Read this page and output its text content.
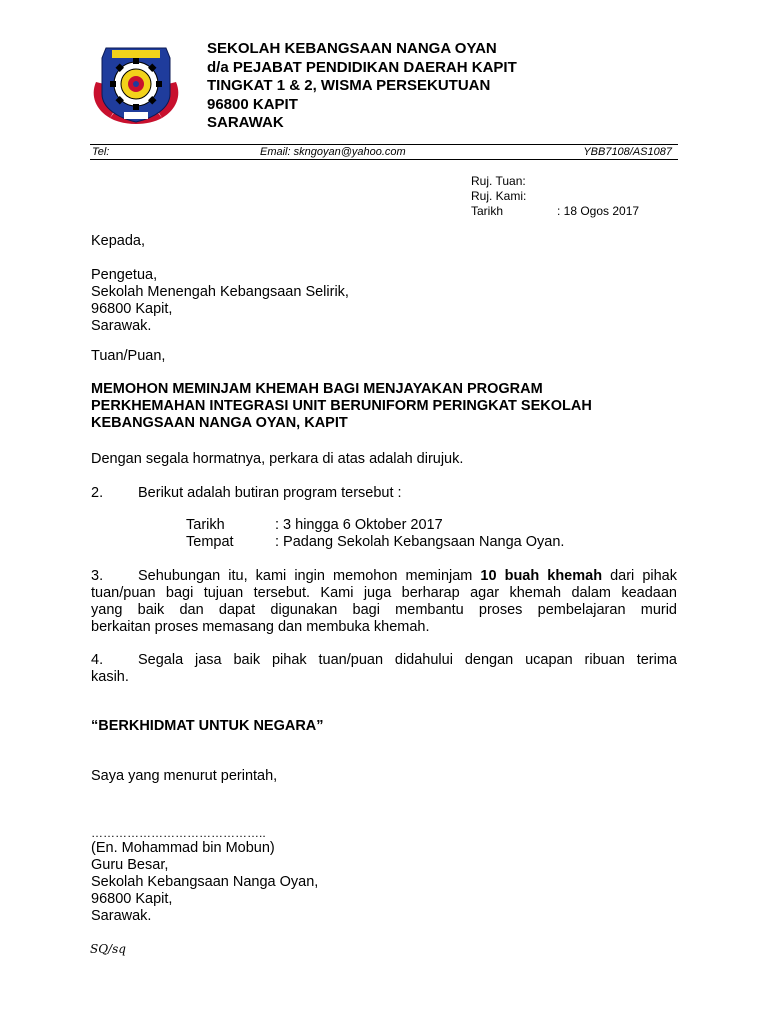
SEKOLAH KEBANGSAAN NANGA OYAN
d/a PEJABAT PENDIDIKAN DAERAH KAPIT
TINGKAT 1 & 2, WISMA PERSEKUTUAN
96800 KAPIT
SARAWAK
Tel:	Email: skngoyan@yahoo.com	YBB7108/AS1087
Ruj. Tuan:
Ruj. Kami:
Tarikh	: 18 Ogos 2017
Kepada,
Pengetua,
Sekolah Menengah Kebangsaan Selirik,
96800 Kapit,
Sarawak.
Tuan/Puan,
MEMOHON MEMINJAM KHEMAH BAGI MENJAYAKAN PROGRAM
PERKHEMAHAN INTEGRASI UNIT BERUNIFORM PERINGKAT SEKOLAH
KEBANGSAAN NANGA OYAN, KAPIT
Dengan segala hormatnya, perkara di atas adalah dirujuk.
2. Berikut adalah butiran program tersebut :
Tarikh	: 3 hingga 6 Oktober 2017
Tempat	: Padang Sekolah Kebangsaan Nanga Oyan.
3. Sehubungan itu, kami ingin memohon meminjam 10 buah khemah dari pihak
tuan/puan bagi tujuan tersebut. Kami juga berharap agar khemah dalam keadaan
yang baik dan dapat digunakan bagi membantu proses pembelajaran murid
berkaitan proses memasang dan membuka khemah.
4. Segala jasa baik pihak tuan/puan didahului dengan ucapan ribuan terima
kasih.
“BERKHIDMAT UNTUK NEGARA”
Saya yang menurut perintah,
……………………………………..
(En. Mohammad bin Mobun)
Guru Besar,
Sekolah Kebangsaan Nanga Oyan,
96800 Kapit,
Sarawak.
SQ/sq
